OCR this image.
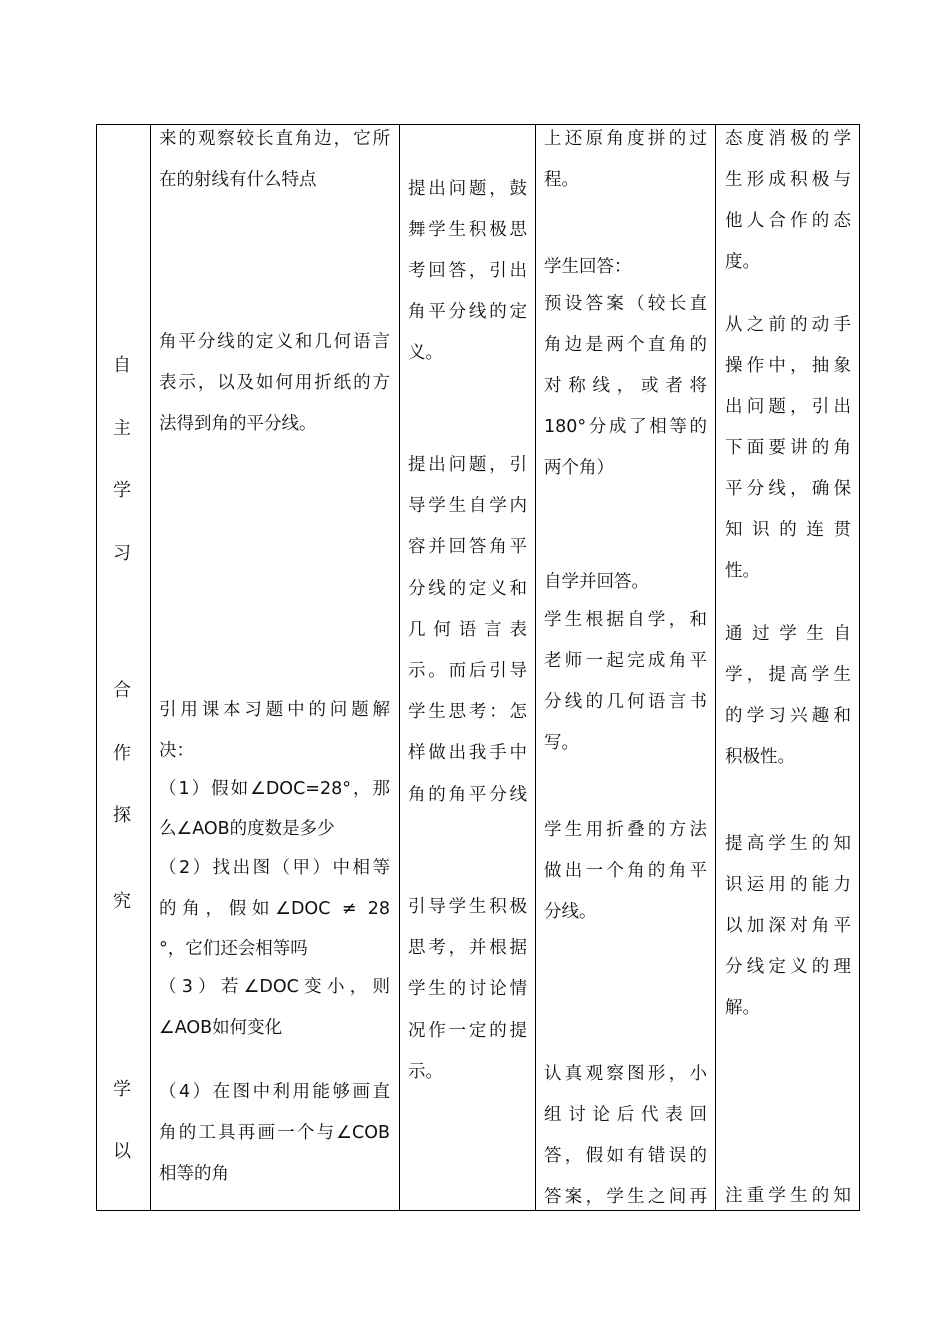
自
主
学
习
合
作
探
究
学
以
来的观察较长直角边，它所
在的射线有什么特点
角平分线的定义和几何语言
表示，以及如何用折纸的方
法得到角的平分线。
引用课本习题中的问题解
决：
（1）假如∠DOC=28°，那
么∠AOB的度数是多少
（2）找出图（甲）中相等
的角，假如∠DOC ≠ 28
°，它们还会相等吗
（3）若∠DOC变小，则
∠AOB如何变化
（4）在图中利用能够画直
角的工具再画一个与∠COB
相等的角
提出问题，鼓
舞学生积极思
考回答，引出
角平分线的定
义。
提出问题，引
导学生自学内
容并回答角平
分线的定义和
几何语言表
示。而后引导
学生思考：怎
样做出我手中
角的角平分线
引导学生积极
思考，并根据
学生的讨论情
况作一定的提
示。
上还原角度拼的过
程。
学生回答：
预设答案（较长直
角边是两个直角的
对称线，或者将
180°分成了相等的
两个角）
自学并回答。
学生根据自学，和
老师一起完成角平
分线的几何语言书
写。
学生用折叠的方法
做出一个角的角平
分线。
认真观察图形，小
组讨论后代表回
答，假如有错误的
答案，学生之间再
态度消极的学
生形成积极与
他人合作的态
度。
从之前的动手
操作中，抽象
出问题，引出
下面要讲的角
平分线，确保
知识的连贯
性。
通过学生自
学，提高学生
的学习兴趣和
积极性。
提高学生的知
识运用的能力
以加深对角平
分线定义的理
解。
注重学生的知
